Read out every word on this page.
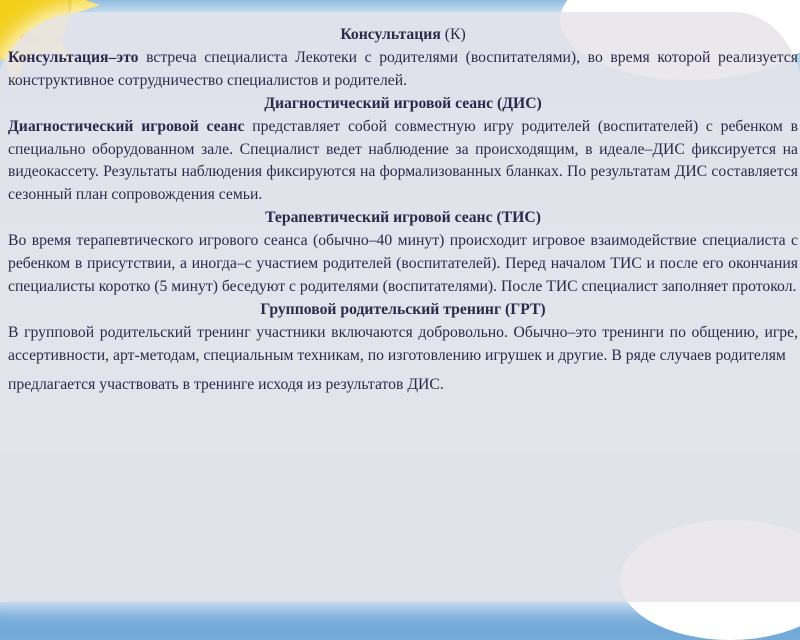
Консультация (К)

Консультация–это встреча специалиста Лекотеки с родителями (воспитателями), во время которой реализуется конструктивное сотрудничество специалистов и родителей.

Диагностический игровой сеанс (ДИС)

Диагностический игровой сеанс представляет собой совместную игру родителей (воспитателей) с ребенком в специально оборудованном зале. Специалист ведет наблюдение за происходящим, в идеале–ДИС фиксируется на видеокассету. Результаты наблюдения фиксируются на формализованных бланках. По результатам ДИС составляется сезонный план сопровождения семьи.

Терапевтический игровой сеанс (ТИС)

Во время терапевтического игрового сеанса (обычно–40 минут) происходит игровое взаимодействие специалиста с ребенком в присутствии, а иногда–с участием родителей (воспитателей). Перед началом ТИС и после его окончания специалисты коротко (5 минут) беседуют с родителями (воспитателями). После ТИС специалист заполняет протокол.

Групповой родительский тренинг (ГРТ)

В групповой родительский тренинг участники включаются добровольно. Обычно–это тренинги по общению, игре, ассертивности, арт-методам, специальным техникам, по изготовлению игрушек и другие. В ряде случаев родителям

предлагается участвовать в тренинге исходя из результатов ДИС.
